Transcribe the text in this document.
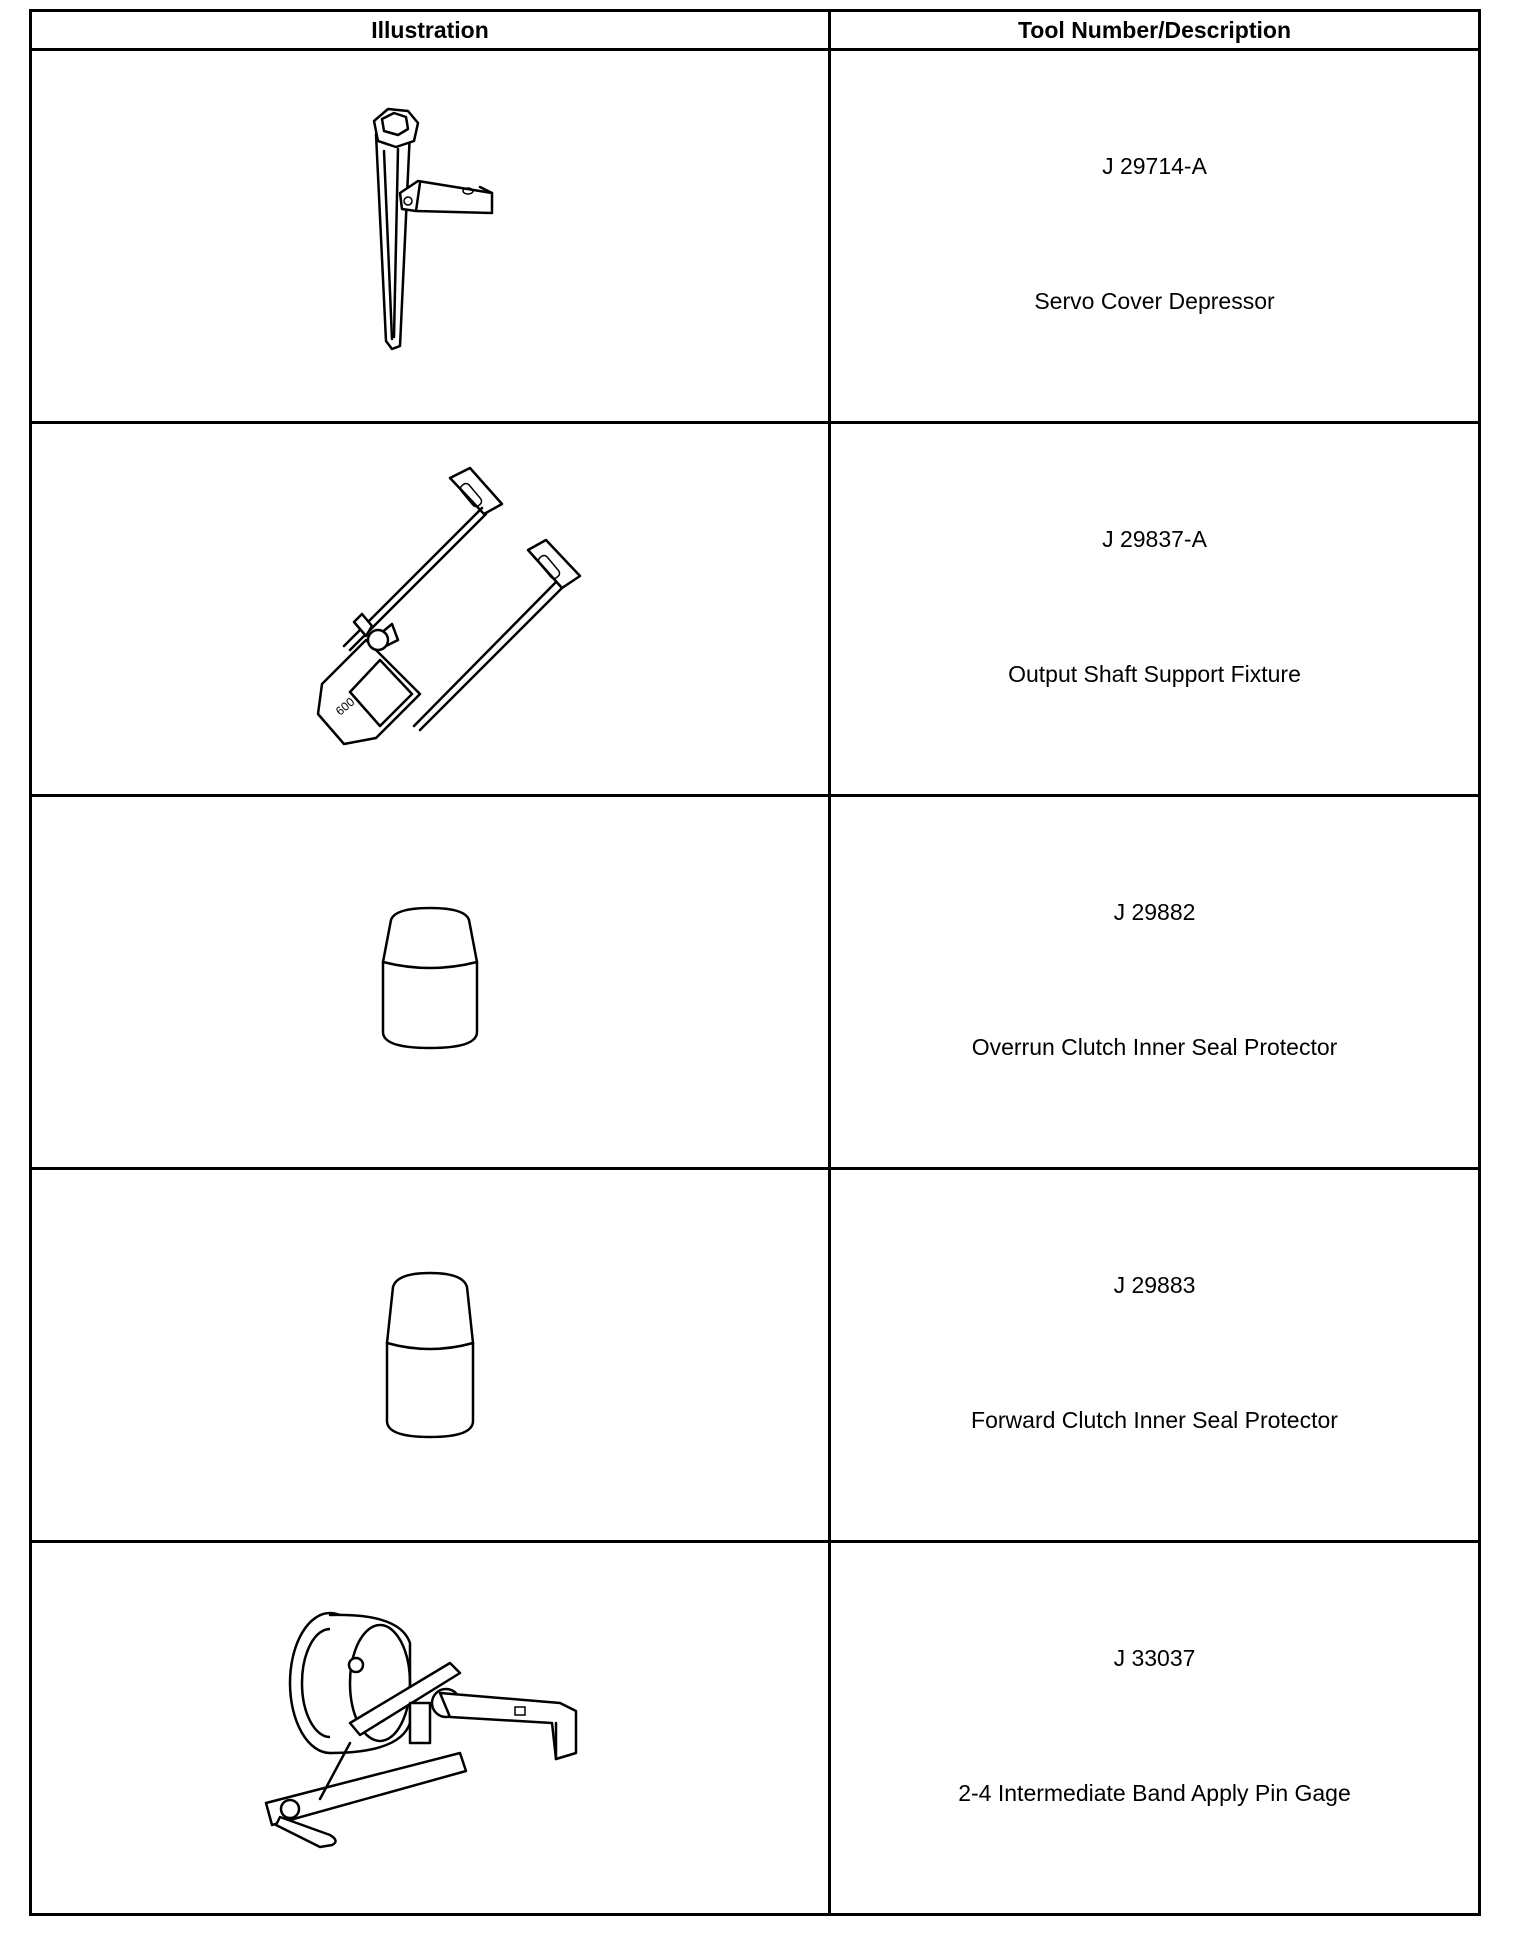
Illustration	Tool Number/Description

J 29714-A
Servo Cover Depressor

600	J 29837-A
Output Shaft Support Fixture

J 29882
Overrun Clutch Inner Seal Protector

J 29883
Forward Clutch Inner Seal Protector

J 33037
2-4 Intermediate Band Apply Pin Gage
